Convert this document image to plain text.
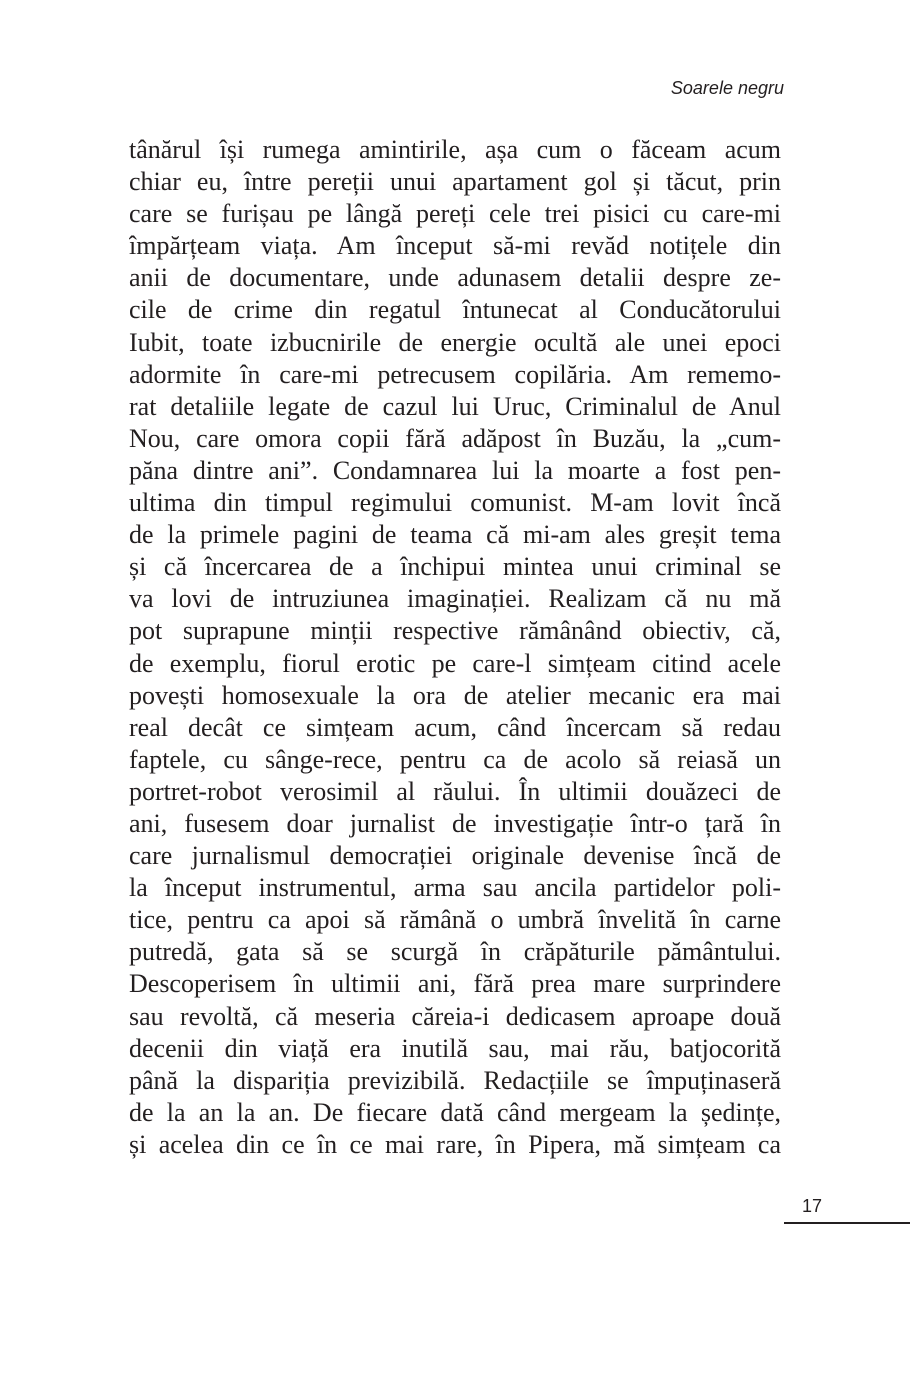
Soarele negru
tânărul își rumega amintirile, așa cum o făceam acum
chiar eu, între pereții unui apartament gol și tăcut, prin
care se furișau pe lângă pereți cele trei pisici cu care-mi
împărțeam viața. Am început să-mi revăd notițele din
anii de documentare, unde adunasem detalii despre ze-
cile de crime din regatul întunecat al Conducătorului
Iubit, toate izbucnirile de energie ocultă ale unei epoci
adormite în care-mi petrecusem copilăria. Am rememo-
rat detaliile legate de cazul lui Uruc, Criminalul de Anul
Nou, care omora copii fără adăpost în Buzău, la „cum-
păna dintre ani”. Condamnarea lui la moarte a fost pen-
ultima din timpul regimului comunist. M-am lovit încă
de la primele pagini de teama că mi-am ales greșit tema
și că încercarea de a închipui mintea unui criminal se
va lovi de intruziunea imaginației. Realizam că nu mă
pot suprapune minții respective rămânând obiectiv, că,
de exemplu, fiorul erotic pe care-l simțeam citind acele
povești homosexuale la ora de atelier mecanic era mai
real decât ce simțeam acum, când încercam să redau
faptele, cu sânge-rece, pentru ca de acolo să reiasă un
portret-robot verosimil al răului. În ultimii douăzeci de
ani, fusesem doar jurnalist de investigație într-o țară în
care jurnalismul democrației originale devenise încă de
la început instrumentul, arma sau ancila partidelor poli-
tice, pentru ca apoi să rămână o umbră învelită în carne
putredă, gata să se scurgă în crăpăturile pământului.
Descoperisem în ultimii ani, fără prea mare surprindere
sau revoltă, că meseria căreia-i dedicasem aproape două
decenii din viață era inutilă sau, mai rău, batjocorită
până la dispariția previzibilă. Redacțiile se împuținaseră
de la an la an. De fiecare dată când mergeam la ședințe,
și acelea din ce în ce mai rare, în Pipera, mă simțeam ca
17
